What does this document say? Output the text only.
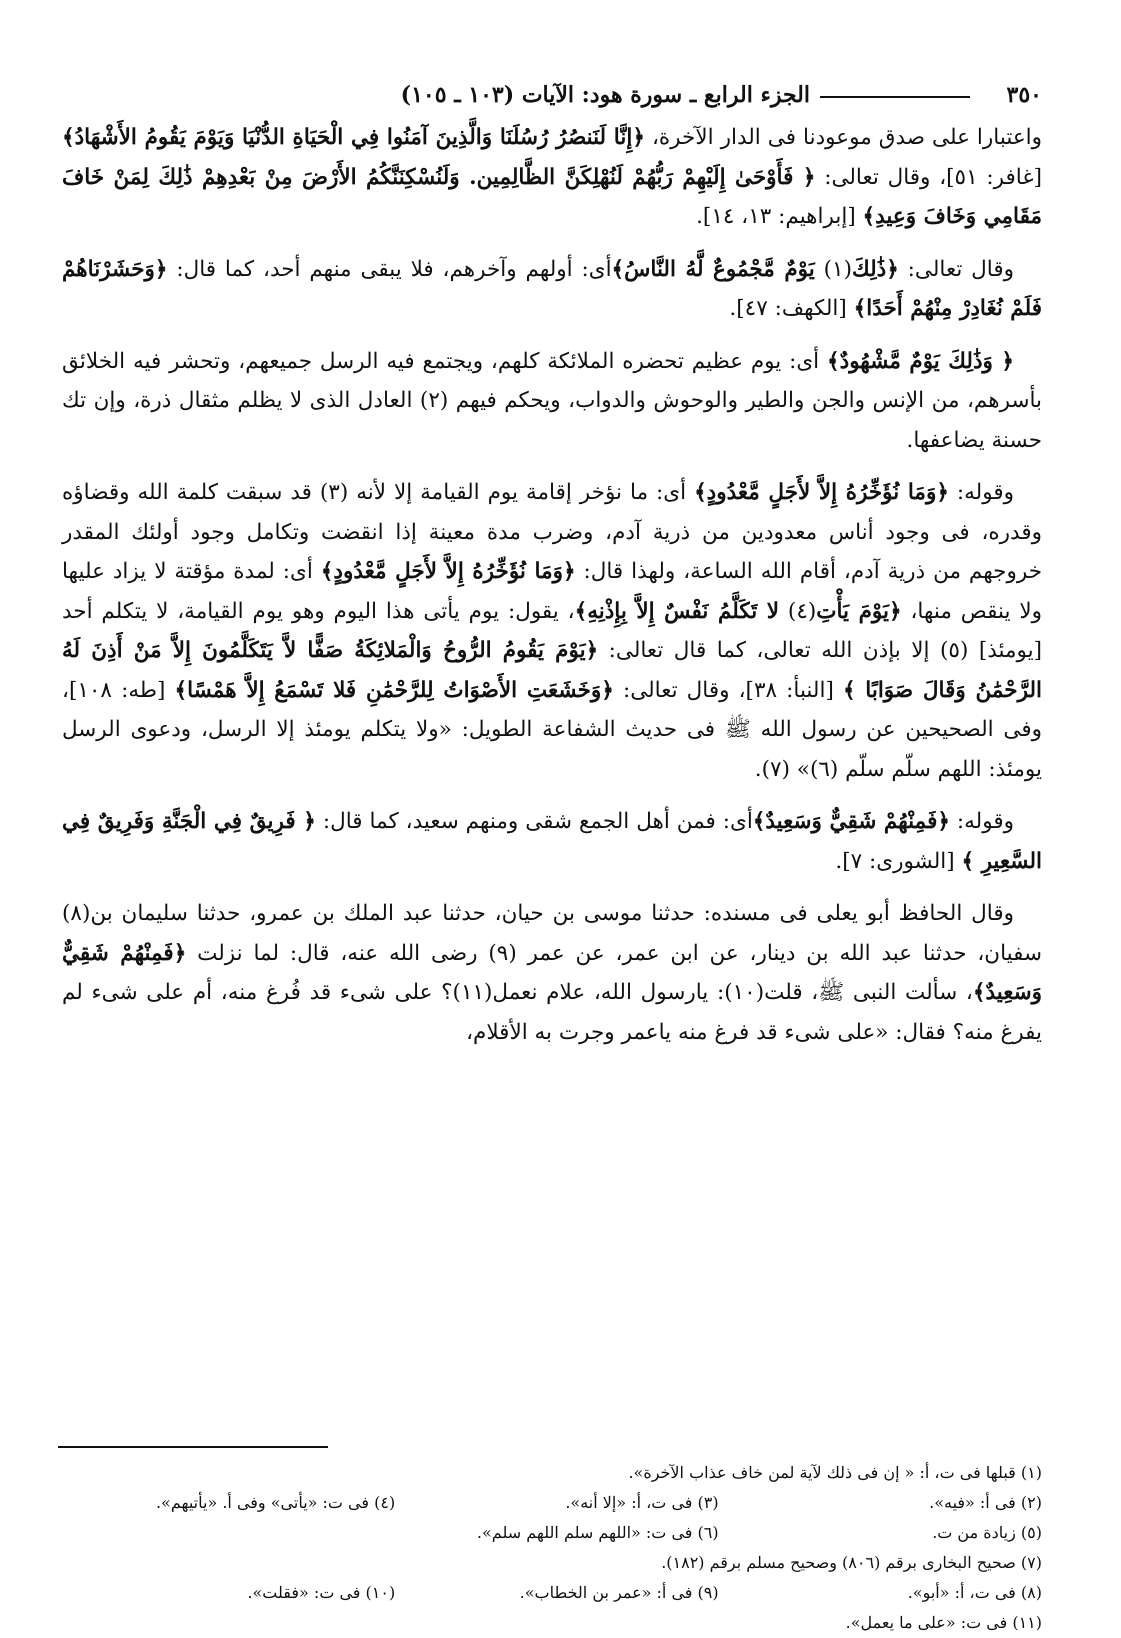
٣٥٠
الجزء الرابع ـ سورة هود: الآيات (١٠٣ ـ ١٠٥)

واعتبارا على صدق موعودنا فى الدار الآخرة، ﴿إِنَّا لَنَنصُرُ رُسُلَنَا وَالَّذِينَ آمَنُوا فِي الْحَيَاةِ الدُّنْيَا وَيَوْمَ يَقُومُ الأَشْهَادُ﴾ [غافر: ٥١]، وقال تعالى: ﴿ فَأَوْحَىٰ إِلَيْهِمْ رَبُّهُمْ لَنُهْلِكَنَّ الظَّالِمِين. وَلَنُسْكِنَنَّكُمُ الأَرْضَ مِنْ بَعْدِهِمْ ذَٰلِكَ لِمَنْ خَافَ مَقَامِي وَخَافَ وَعِيدِ﴾ [إبراهيم: ١٣، ١٤].

وقال تعالى: ﴿ذَٰلِكَ(١) يَوْمٌ مَّجْمُوعٌ لَّهُ النَّاسُ﴾أى: أولهم وآخرهم، فلا يبقى منهم أحد، كما قال: ﴿وَحَشَرْنَاهُمْ فَلَمْ نُغَادِرْ مِنْهُمْ أَحَدًا﴾ [الكهف: ٤٧].

﴿ وَذَٰلِكَ يَوْمٌ مَّشْهُودٌ﴾ أى: يوم عظيم تحضره الملائكة كلهم، ويجتمع فيه الرسل جميعهم، وتحشر فيه الخلائق بأسرهم، من الإنس والجن والطير والوحوش والدواب، ويحكم فيهم (٢) العادل الذى لا يظلم مثقال ذرة، وإن تك حسنة يضاعفها.

وقوله: ﴿وَمَا نُؤَخِّرُهُ إِلاَّ لأَجَلٍ مَّعْدُودٍ﴾ أى: ما نؤخر إقامة يوم القيامة إلا لأنه (٣) قد سبقت كلمة الله وقضاؤه وقدره، فى وجود أناس معدودين من ذرية آدم، وضرب مدة معينة إذا انقضت وتكامل وجود أولئك المقدر خروجهم من ذرية آدم، أقام الله الساعة، ولهذا قال: ﴿وَمَا نُؤَخِّرُهُ إِلاَّ لأَجَلٍ مَّعْدُودٍ﴾ أى: لمدة مؤقتة لا يزاد عليها ولا ينقص منها، ﴿يَوْمَ يَأْتِ(٤) لا تَكَلَّمُ نَفْسٌ إِلاَّ بِإِذْنِهِ﴾، يقول: يوم يأتى هذا اليوم وهو يوم القيامة، لا يتكلم أحد [يومئذ] (٥) إلا بإذن الله تعالى، كما قال تعالى: ﴿يَوْمَ يَقُومُ الرُّوحُ وَالْمَلائِكَةُ صَفًّا لاَّ يَتَكَلَّمُونَ إِلاَّ مَنْ أَذِنَ لَهُ الرَّحْمَٰنُ وَقَالَ صَوَابًا ﴾ [النبأ: ٣٨]، وقال تعالى: ﴿وَخَشَعَتِ الأَصْوَاتُ لِلرَّحْمَٰنِ فَلا تَسْمَعُ إِلاَّ هَمْسًا﴾ [طه: ١٠٨]، وفى الصحيحين عن رسول الله ﷺ فى حديث الشفاعة الطويل: «ولا يتكلم يومئذ إلا الرسل، ودعوى الرسل يومئذ: اللهم سلّم سلّم (٦)» (٧).

وقوله: ﴿فَمِنْهُمْ شَقِيٌّ وَسَعِيدٌ﴾أى: فمن أهل الجمع شقى ومنهم سعيد، كما قال: ﴿ فَرِيقٌ فِي الْجَنَّةِ وَفَرِيقٌ فِي السَّعِيرِ ﴾ [الشورى: ٧].

وقال الحافظ أبو يعلى فى مسنده: حدثنا موسى بن حيان، حدثنا عبد الملك بن عمرو، حدثنا سليمان بن(٨) سفيان، حدثنا عبد الله بن دينار، عن ابن عمر، عن عمر (٩) رضى الله عنه، قال: لما نزلت ﴿فَمِنْهُمْ شَقِيٌّ وَسَعِيدٌ﴾، سألت النبى ﷺ، قلت(١٠): يارسول الله، علام نعمل(١١)؟ على شىء قد فُرغ منه، أم على شىء لم يفرغ منه؟ فقال: «على شىء قد فرغ منه ياعمر وجرت به الأقلام،

(١) قبلها فى ت، أ: « إن فى ذلك لآية لمن خاف عذاب الآخرة».
(٢) فى أ: «فيه».
(٣) فى ت، أ: «إلا أنه».
(٤) فى ت: «يأتى» وفى أ. «يأتيهم».
(٥) زيادة من ت.
(٦) فى ت: «اللهم سلم اللهم سلم».
(٧) صحيح البخارى برقم (٨٠٦) وصحيح مسلم برقم (١٨٢).
(٨) فى ت، أ: «أبو».
(٩) فى أ: «عمر بن الخطاب».
(١٠) فى ت: «فقلت».
(١١) فى ت: «على ما يعمل».
